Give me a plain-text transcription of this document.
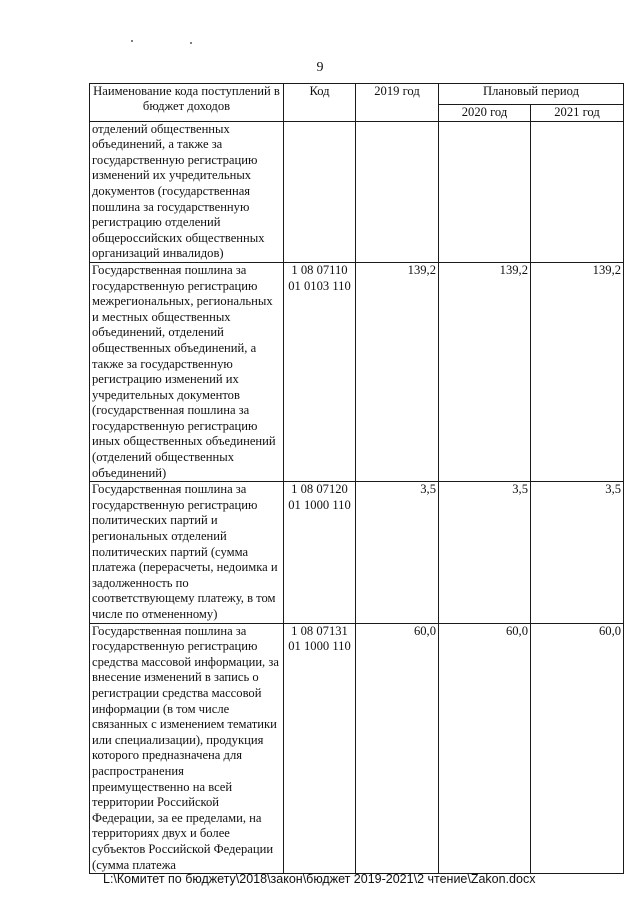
9
Наименование кода поступлений в бюджет доходов	Код	2019 год	Плановый период	
			2020 год	2021 год
отделений общественных объединений, а также за государственную регистрацию изменений их учредительных документов (государственная пошлина за государственную регистрацию отделений общероссийских общественных организаций инвалидов)				
Государственная пошлина за государственную регистрацию межрегиональных, региональных и местных общественных объединений, отделений общественных объединений, а также за государственную регистрацию изменений их учредительных документов (государственная пошлина за государственную регистрацию иных общественных объединений (отделений общественных объединений)	1 08 07110 01 0103 110	139,2	139,2	139,2
Государственная пошлина за государственную регистрацию политических партий и региональных отделений политических партий (сумма платежа (перерасчеты, недоимка и задолженность по соответствующему платежу, в том числе по отмененному)	1 08 07120 01 1000 110	3,5	3,5	3,5
Государственная пошлина за государственную регистрацию средства массовой информации, за внесение изменений в запись о регистрации средства массовой информации (в том числе связанных с изменением тематики или специализации), продукция которого предназначена для распространения преимущественно на всей территории Российской Федерации, за ее пределами, на территориях двух и более субъектов Российской Федерации (сумма платежа	1 08 07131 01 1000 110	60,0	60,0	60,0
L:\Комитет по бюджету\2018\закон\бюджет 2019-2021\2 чтение\Zakon.docx
